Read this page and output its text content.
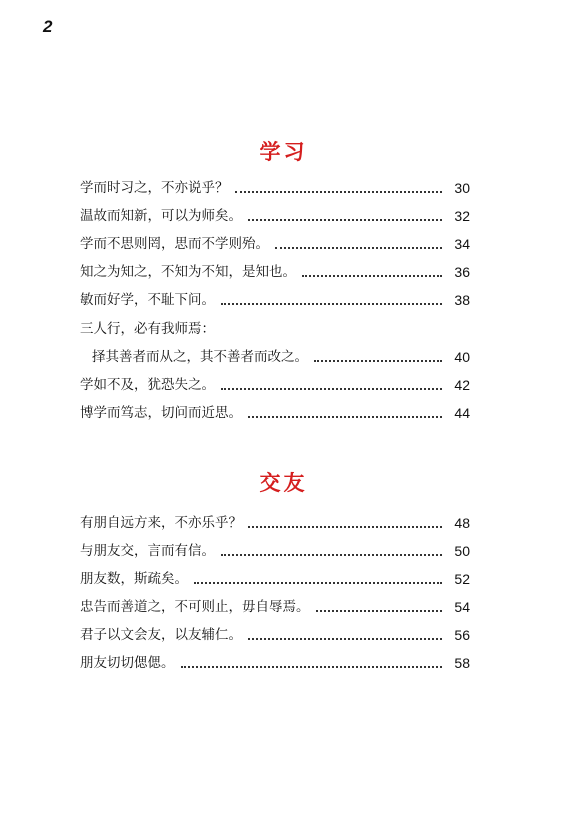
2
学习
学而时习之，不亦说乎？	30
温故而知新，可以为师矣。	32
学而不思则罔，思而不学则殆。	34
知之为知之，不知为不知，是知也。	36
敏而好学，不耻下问。	38
三人行，必有我师焉：
择其善者而从之，其不善者而改之。	40
学如不及，犹恐失之。	42
博学而笃志，切问而近思。	44
交友
有朋自远方来，不亦乐乎？	48
与朋友交，言而有信。	50
朋友数，斯疏矣。	52
忠告而善道之，不可则止，毋自辱焉。	54
君子以文会友，以友辅仁。	56
朋友切切偲偲。	58
